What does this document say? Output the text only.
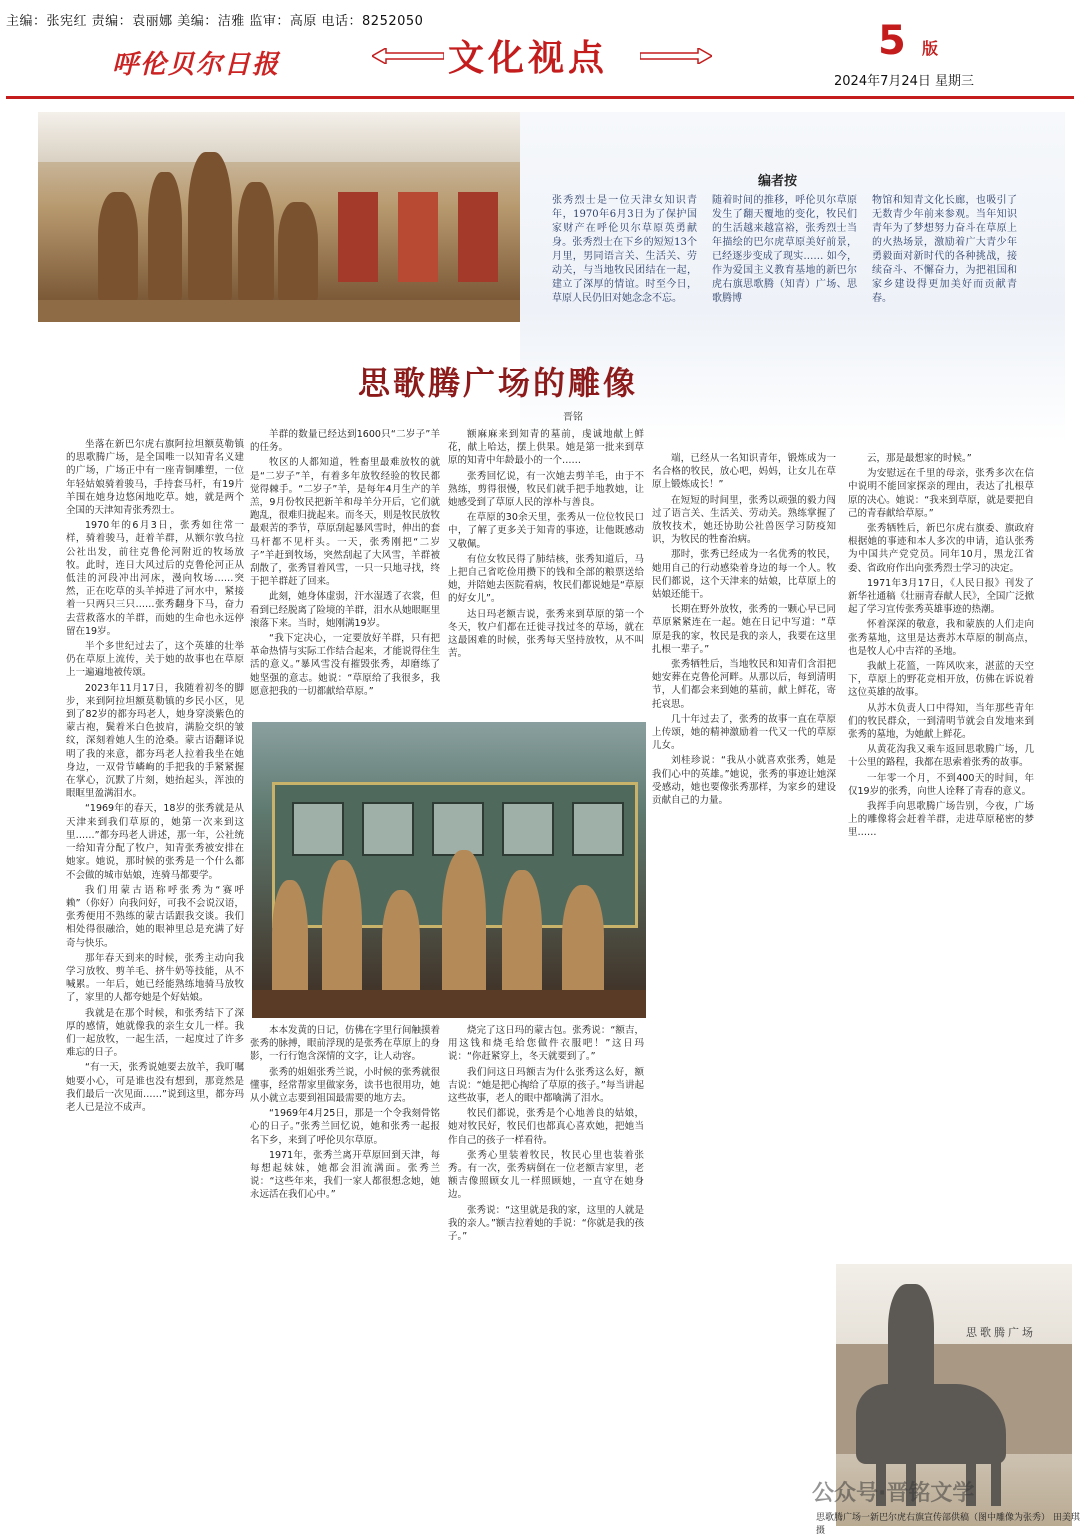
主编：张宪红 责编：袁丽娜 美编：洁雅 监审：高原 电话：8252050
呼伦贝尔日报	文化视点	5 版
2024年7月24日 星期三
编者按
张秀烈士是一位天津女知识青年，1970年6月3日为了保护国家财产在呼伦贝尔草原英勇献身。张秀烈士在下乡的短短13个月里，男同语言关、生活关、劳动关，与当地牧民团结在一起，建立了深厚的情谊。时至今日，草原人民仍旧对她念念不忘。
随着时间的推移，呼伦贝尔草原发生了翻天覆地的变化，牧民们的生活越来越富裕，张秀烈士当年描绘的巴尔虎草原美好前景，已经逐步变成了现实…… 如今，作为爱国主义教育基地的新巴尔虎右旗思歌腾（知青）广场、思歌腾博
物馆和知青文化长廊，也吸引了无数青少年前来参观。当年知识青年为了梦想努力奋斗在草原上的火热场景，激励着广大青少年勇毅面对新时代的各种挑战，接续奋斗、不懈奋力，为把祖国和家乡建设得更加美好而贡献青春。
思歌腾广场的雕像
晋铭

坐落在新巴尔虎右旗阿拉坦额莫勒镇的思歌腾广场，是全国唯一以知青名义建的广场，广场正中有一座青铜雕塑，一位年轻姑娘骑着骏马，手持套马杆，有19片羊围在她身边悠闲地吃草。她，就是两个全国的天津知青张秀烈士。

1970年的6月3日，张秀如往常一样，骑着骏马，赶着羊群，从额尔敦乌拉公社出发，前往克鲁伦河附近的牧场放牧。此时，连日大风过后的克鲁伦河正从低洼的河段冲出河床，漫向牧场……突然，正在吃草的头羊掉进了河水中，紧接着一只两只三只……张秀翻身下马，奋力去营救落水的羊群，而她的生命也永远停留在19岁。

半个多世纪过去了，这个英雄的壮举仍在草原上流传，关于她的故事也在草原上一遍遍地被传颂。

2023年11月17日，我随着初冬的脚步，来到阿拉坦额莫勒镇的乡民小区，见到了82岁的都夯玛老人，她身穿淡紫色的蒙古袍，鬓着米白色披肩，满脸交织的皱纹，深刻着她人生的沧桑。蒙古语翻译说明了我的来意，都夯玛老人拉着我坐在她身边，一双骨节嶙峋的手把我的手紧紧握在掌心，沉默了片刻，她抬起头，浑浊的眼眶里盈满泪水。

“1969年的春天，18岁的张秀就是从天津来到我们草原的，她第一次来到这里……”都夯玛老人讲述，那一年，公社统一给知青分配了牧户，知青张秀被安排在她家。她说，那时候的张秀是一个什么都不会做的城市姑娘，连骑马都要学。

我们用蒙古语称呼张秀为“赛呼赖”（你好）向我问好，可我不会说汉语，张秀便用不熟练的蒙古话跟我交谈。我们相处得很融洽，她的眼神里总是充满了好奇与快乐。

那年春天到来的时候，张秀主动向我学习放牧、剪羊毛、挤牛奶等技能，从不喊累。一年后，她已经能熟练地骑马放牧了，家里的人都夸她是个好姑娘。

我就是在那个时候，和张秀结下了深厚的感情，她就像我的亲生女儿一样。我们一起放牧，一起生活，一起度过了许多难忘的日子。

“有一天，张秀说她要去放羊，我叮嘱她要小心，可是谁也没有想到，那竟然是我们最后一次见面……”说到这里，都夯玛老人已是泣不成声。

羊群的数量已经达到1600只“二岁子”羊的任务。

牧区的人都知道，牲畜里最难放牧的就是“二岁子”羊，有着多年放牧经验的牧民都觉得棘手。“二岁子”羊，是每年4月生产的羊羔，9月份牧民把新羊和母羊分开后，它们就跑乱，很难归拢起来。而冬天，则是牧民放牧最艰苦的季节，草原刮起暴风雪时，伸出的套马杆都不见杆头。一天，张秀刚把“二岁子”羊赶到牧场，突然刮起了大风雪，羊群被刮散了，张秀冒着风雪，一只一只地寻找，终于把羊群赶了回来。

此刻，她身体虚弱，汗水湿透了衣裳，但看到已经脱离了险境的羊群，泪水从她眼眶里滚落下来。当时，她刚满19岁。

“我下定决心，一定要放好羊群，只有把革命热情与实际工作结合起来，才能说得住生活的意义。”暴风雪没有摧毁张秀，却磨练了她坚强的意志。她说：“草原给了我很多，我愿意把我的一切都献给草原。”

额麻麻来到知青的墓前，虔诚地献上鲜花，献上哈达，摆上供果。她是第一批来到草原的知青中年龄最小的一个……

张秀回忆说，有一次她去剪羊毛，由于不熟练，剪得很慢，牧民们就手把手地教她，让她感受到了草原人民的淳朴与善良。

在草原的30余天里，张秀从一位位牧民口中，了解了更多关于知青的事迹，让他既感动又敬佩。

有位女牧民得了肺结核，张秀知道后，马上把自己省吃俭用攒下的钱和全部的粮票送给她，并陪她去医院看病，牧民们都说她是“草原的好女儿”。

达日玛老额吉说，张秀来到草原的第一个冬天，牧户们都在迁徙寻找过冬的草场，就在这最困难的时候，张秀每天坚持放牧，从不叫苦。

本本发黄的日记，仿佛在字里行间触摸着张秀的脉搏，眼前浮现的是张秀在草原上的身影，一行行饱含深情的文字，让人动容。

张秀的姐姐张秀兰说，小时候的张秀就很懂事，经常帮家里做家务，读书也很用功，她从小就立志要到祖国最需要的地方去。

“1969年4月25日，那是一个令我刻骨铭心的日子。”张秀兰回忆说，她和张秀一起报名下乡，来到了呼伦贝尔草原。

1971年，张秀兰离开草原回到天津，每每想起妹妹，她都会泪流满面。张秀兰说：“这些年来，我们一家人都很想念她，她永远活在我们心中。”

烧完了这日玛的蒙古包。张秀说：“额吉，用这钱和烧毛给您做件衣服吧！”这日玛说：“你赶紧穿上，冬天就要到了。”

我们问这日玛额吉为什么张秀这么好，额吉说：“她是把心掏给了草原的孩子。”每当讲起这些故事，老人的眼中都噙满了泪水。

牧民们都说，张秀是个心地善良的姑娘，她对牧民好，牧民们也都真心喜欢她，把她当作自己的孩子一样看待。

张秀心里装着牧民，牧民心里也装着张秀。有一次，张秀病倒在一位老额吉家里，老额吉像照顾女儿一样照顾她，一直守在她身边。

张秀说：“这里就是我的家，这里的人就是我的亲人。”额吉拉着她的手说：“你就是我的孩子。”

端，已经从一名知识青年，锻炼成为一名合格的牧民，放心吧，妈妈，让女儿在草原上锻炼成长！”

在短短的时间里，张秀以顽强的毅力闯过了语言关、生活关、劳动关。熟练掌握了放牧技术，她还协助公社兽医学习防疫知识，为牧民的牲畜治病。

那时，张秀已经成为一名优秀的牧民，她用自己的行动感染着身边的每一个人。牧民们都说，这个天津来的姑娘，比草原上的姑娘还能干。

长期在野外放牧，张秀的一颗心早已同草原紧紧连在一起。她在日记中写道：“草原是我的家，牧民是我的亲人，我要在这里扎根一辈子。”

张秀牺牲后，当地牧民和知青们含泪把她安葬在克鲁伦河畔。从那以后，每到清明节，人们都会来到她的墓前，献上鲜花，寄托哀思。

几十年过去了，张秀的故事一直在草原上传颂，她的精神激励着一代又一代的草原儿女。

刘桂珍说：“我从小就喜欢张秀，她是我们心中的英雄。”她说，张秀的事迹让她深受感动，她也要像张秀那样，为家乡的建设贡献自己的力量。

云，那是最想家的时候。”

为安慰远在千里的母亲，张秀多次在信中说明不能回家探亲的理由，表达了扎根草原的决心。她说：“我来到草原，就是要把自己的青春献给草原。”

张秀牺牲后，新巴尔虎右旗委、旗政府根据她的事迹和本人多次的申请，追认张秀为中国共产党党员。同年10月，黑龙江省委、省政府作出向张秀烈士学习的决定。

1971年3月17日，《人民日报》刊发了新华社通稿《壮丽青春献人民》，全国广泛掀起了学习宣传张秀英雄事迹的热潮。

怀着深深的敬意，我和蒙族的人们走向张秀墓地，这里是达赉苏木草原的制高点，也是牧人心中吉祥的圣地。

我献上花篮，一阵风吹来，湛蓝的天空下，草原上的野花竞相开放，仿佛在诉说着这位英雄的故事。

从苏木负责人口中得知，当年那些青年们的牧民群众，一到清明节就会自发地来到张秀的墓地，为她献上鲜花。

从黄花沟我又乘车返回思歌腾广场，几十公里的路程，我都在思索着张秀的故事。

一年零一个月，不到400天的时间，年仅19岁的张秀，向世人诠释了青春的意义。

我挥手向思歌腾广场告别，今夜，广场上的雕像将会赶着羊群，走进草原秘密的梦里……

思歌腾广场
公众号·晋铭文学
思歌腾广场一新巴尔虎右旗宣传部供稿（图中雕像为张秀） 田美琪 摄
